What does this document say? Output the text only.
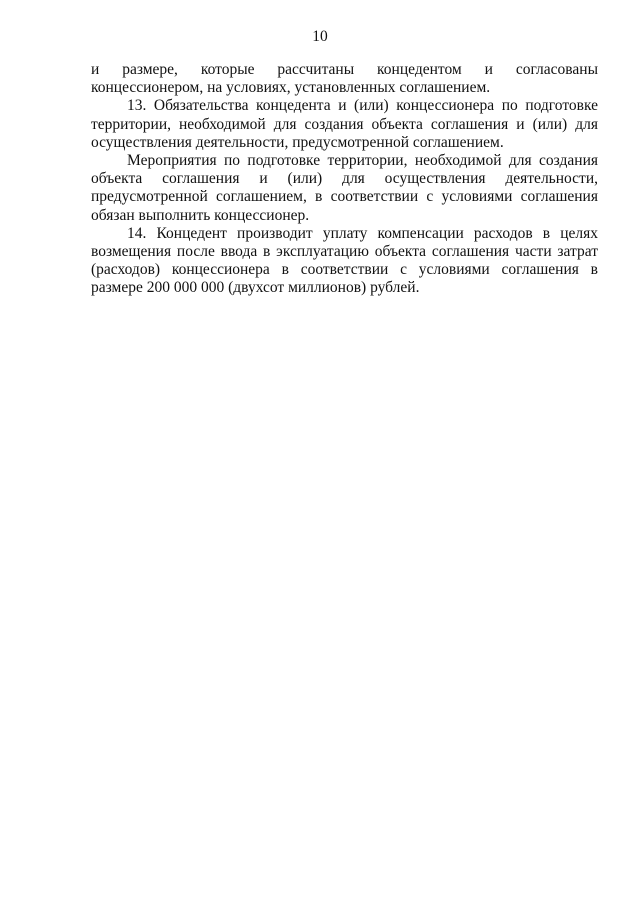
10

и размере, которые рассчитаны концедентом и согласованы концессионером, на условиях, установленных соглашением.

13. Обязательства концедента и (или) концессионера по подготовке территории, необходимой для создания объекта соглашения и (или) для осуществления деятельности, предусмотренной соглашением.

Мероприятия по подготовке территории, необходимой для создания объекта соглашения и (или) для осуществления деятельности, предусмотренной соглашением, в соответствии с условиями соглашения обязан выполнить концессионер.

14. Концедент производит уплату компенсации расходов в целях возмещения после ввода в эксплуатацию объекта соглашения части затрат (расходов) концессионера в соответствии с условиями соглашения в размере 200 000 000 (двухсот миллионов) рублей.
